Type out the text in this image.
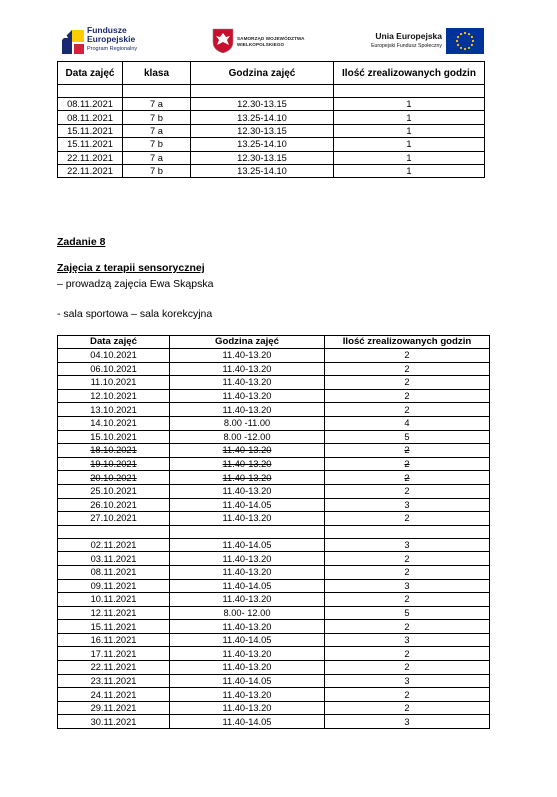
Fundusze
Europejskie
Program Regionalny
SAMORZĄD WOJEWÓDZTWA
WIELKOPOLSKIEGO
Unia Europejska
Europejski Fundusz Społeczny
Data zajęć	klasa	Godzina zajęć	Ilość zrealizowanych godzin

08.11.2021	7 a	12.30-13.15	1
08.11.2021	7 b	13.25-14.10	1
15.11.2021	7 a	12.30-13.15	1
15.11.2021	7 b	13.25-14.10	1
22.11.2021	7 a	12.30-13.15	1
22.11.2021	7 b	13.25-14.10	1
Zadanie 8
Zajęcia z terapii sensorycznej
– prowadzą zajęcia Ewa Skąpska
- sala sportowa – sala korekcyjna
Data zajęć	Godzina zajęć	Ilość zrealizowanych godzin
04.10.2021	11.40-13.20	2
06.10.2021	11.40-13.20	2
11.10.2021	11.40-13.20	2
12.10.2021	11.40-13.20	2
13.10.2021	11.40-13.20	2
14.10.2021	8.00 -11.00	4
15.10.2021	8.00 -12.00	5
18.10.2021	11.40-13.20	2
19.10.2021	11.40-13.20	2
20.10.2021	11.40-13.20	2
25.10.2021	11.40-13.20	2
26.10.2021	11.40-14.05	3
27.10.2021	11.40-13.20	2

02.11.2021	11.40-14.05	3
03.11.2021	11.40-13.20	2
08.11.2021	11.40-13.20	2
09.11.2021	11.40-14.05	3
10.11.2021	11.40-13.20	2
12.11.2021	8.00- 12.00	5
15.11.2021	11.40-13.20	2
16.11.2021	11.40-14.05	3
17.11.2021	11.40-13.20	2
22.11.2021	11.40-13.20	2
23.11.2021	11.40-14.05	3
24.11.2021	11.40-13.20	2
29.11.2021	11.40-13.20	2
30.11.2021	11.40-14.05	3
